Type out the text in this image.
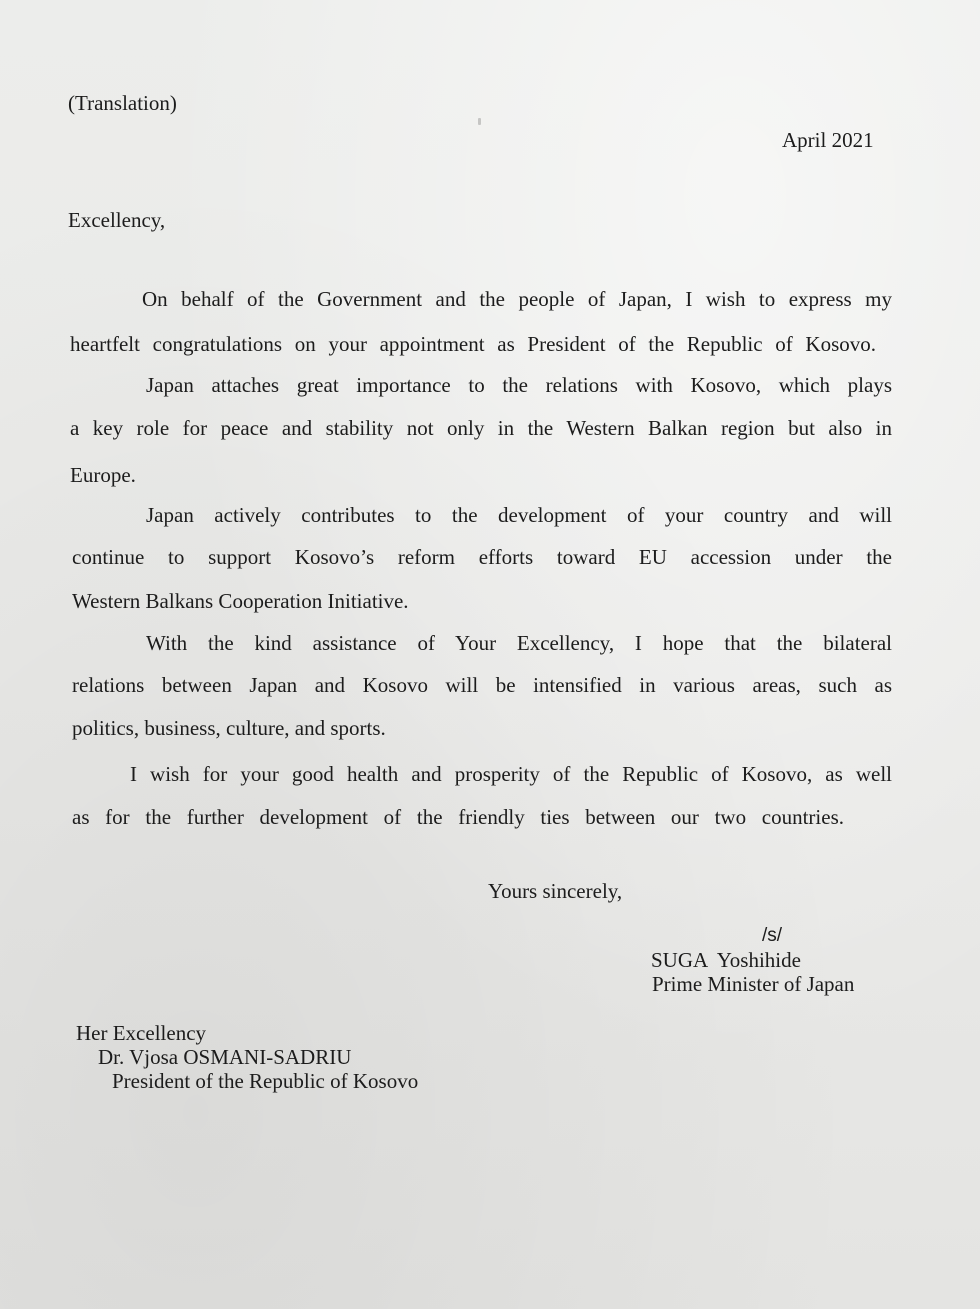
(Translation)
April 2021
Excellency,
On behalf of the Government and the people of Japan, I wish to express my
heartfelt congratulations on your appointment as President of the Republic of Kosovo.
Japan attaches great importance to the relations with Kosovo, which plays
a key role for peace and stability not only in the Western Balkan region but also in
Europe.
Japan actively contributes to the development of your country and will
continue to support Kosovo’s reform efforts toward EU accession under the
Western Balkans Cooperation Initiative.
With the kind assistance of Your Excellency, I hope that the bilateral
relations between Japan and Kosovo will be intensified in various areas, such as
politics, business, culture, and sports.
I wish for your good health and prosperity of the Republic of Kosovo, as well
as for the further development of the friendly ties between our two countries.
Yours sincerely,
/s/
SUGA  Yoshihide
Prime Minister of Japan
Her Excellency
Dr. Vjosa OSMANI-SADRIU
President of the Republic of Kosovo
